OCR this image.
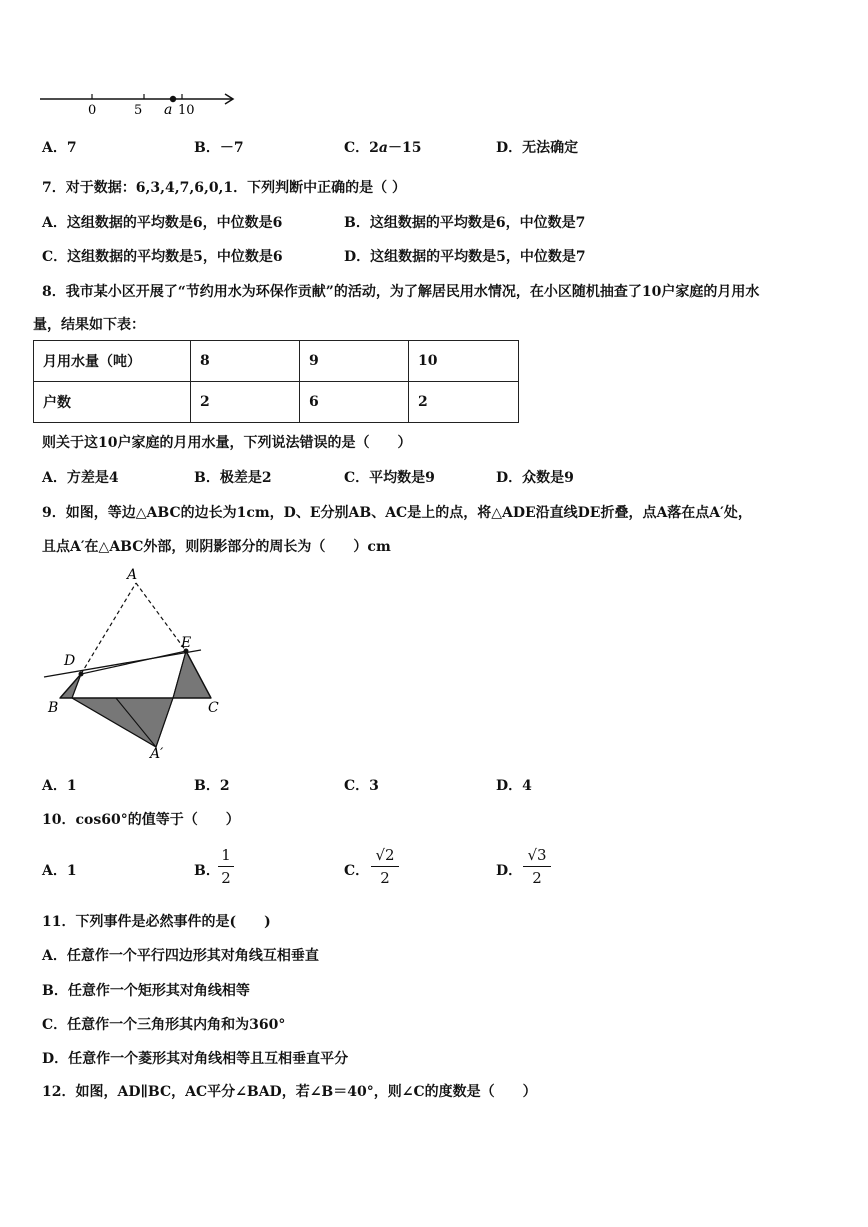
0	5 a 10
A．7	B．－7	C．2a－15	D．无法确定
7．对于数据：6,3,4,7,6,0,1．下列判断中正确的是（ ）
A．这组数据的平均数是6，中位数是6	B．这组数据的平均数是6，中位数是7
C．这组数据的平均数是5，中位数是6	D．这组数据的平均数是5，中位数是7
8．我市某小区开展了“节约用水为环保作贡献”的活动，为了解居民用水情况，在小区随机抽查了10户家庭的月用水
量，结果如下表：
月用水量（吨）	8	9	10
户数	2	6	2
则关于这10户家庭的月用水量，下列说法错误的是（　　）
A．方差是4	B．极差是2	C．平均数是9	D．众数是9
9．如图，等边△ABC的边长为1cm，D、E分别AB、AC是上的点，将△ADE沿直线DE折叠，点A落在点A′处，
且点A′在△ABC外部，则阴影部分的周长为（　　）cm
A
D
E
B	C
A′
A．1	B．2	C．3	D．4
10．cos60°的值等于（　　）
A．1	B．
1
2	C．
√2
2	D．
√3
2
11．下列事件是必然事件的是(　　)
A．任意作一个平行四边形其对角线互相垂直
B．任意作一个矩形其对角线相等
C．任意作一个三角形其内角和为360°
D．任意作一个菱形其对角线相等且互相垂直平分
12．如图，AD∥BC，AC平分∠BAD，若∠B＝40°，则∠C的度数是（　　）
